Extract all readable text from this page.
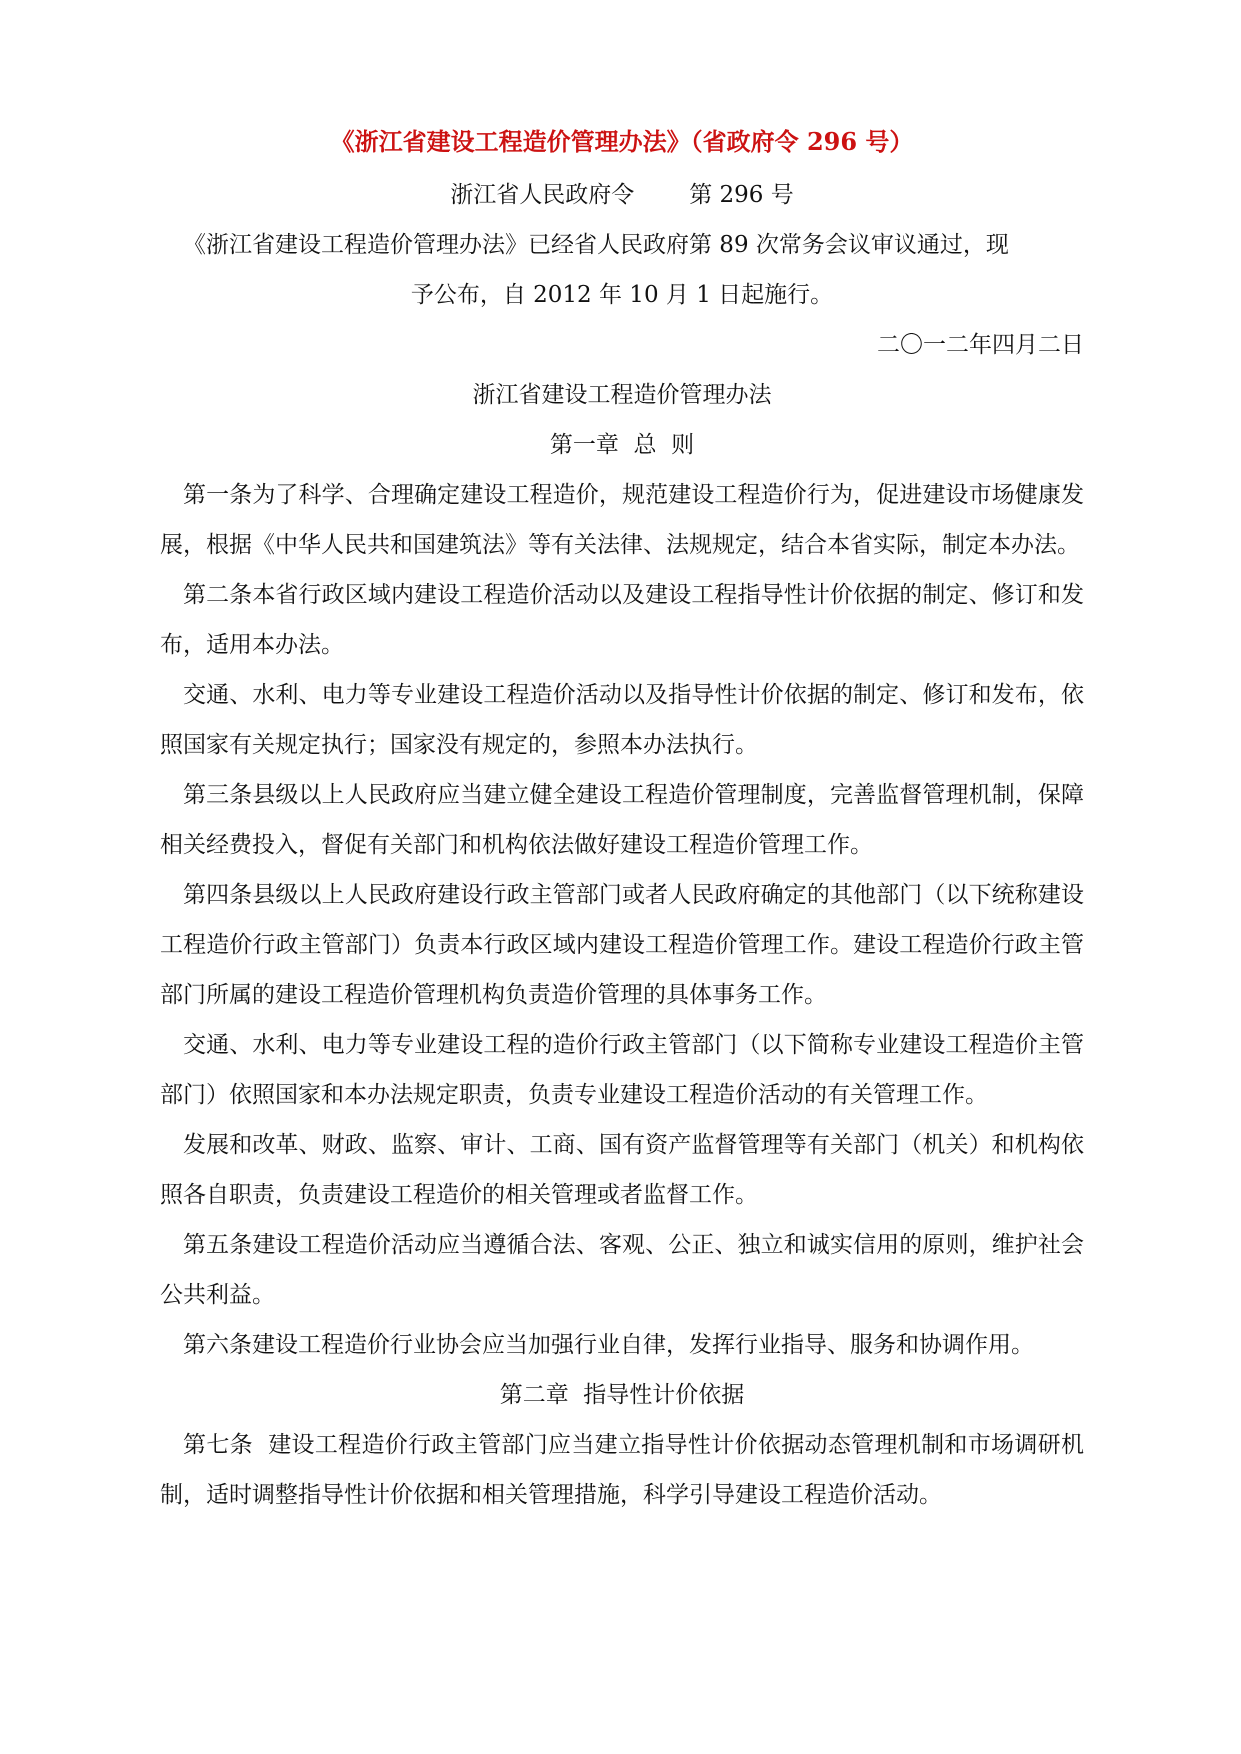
《浙江省建设工程造价管理办法》（省政府令 296 号）
浙江省人民政府令 第 296 号
《浙江省建设工程造价管理办法》已经省人民政府第 89 次常务会议审议通过，现
予公布，自 2012 年 10 月 1 日起施行。
二〇一二年四月二日
浙江省建设工程造价管理办法
第一章  总  则

第一条为了科学、合理确定建设工程造价，规范建设工程造价行为，促进建设市场健康发展，根据《中华人民共和国建筑法》等有关法律、法规规定，结合本省实际，制定本办法。

第二条本省行政区域内建设工程造价活动以及建设工程指导性计价依据的制定、修订和发布，适用本办法。

交通、水利、电力等专业建设工程造价活动以及指导性计价依据的制定、修订和发布，依照国家有关规定执行；国家没有规定的，参照本办法执行。

第三条县级以上人民政府应当建立健全建设工程造价管理制度，完善监督管理机制，保障相关经费投入，督促有关部门和机构依法做好建设工程造价管理工作。

第四条县级以上人民政府建设行政主管部门或者人民政府确定的其他部门（以下统称建设工程造价行政主管部门）负责本行政区域内建设工程造价管理工作。建设工程造价行政主管部门所属的建设工程造价管理机构负责造价管理的具体事务工作。

交通、水利、电力等专业建设工程的造价行政主管部门（以下简称专业建设工程造价主管部门）依照国家和本办法规定职责，负责专业建设工程造价活动的有关管理工作。

发展和改革、财政、监察、审计、工商、国有资产监督管理等有关部门（机关）和机构依照各自职责，负责建设工程造价的相关管理或者监督工作。

第五条建设工程造价活动应当遵循合法、客观、公正、独立和诚实信用的原则，维护社会公共利益。

第六条建设工程造价行业协会应当加强行业自律，发挥行业指导、服务和协调作用。

第二章  指导性计价依据

第七条  建设工程造价行政主管部门应当建立指导性计价依据动态管理机制和市场调研机制，适时调整指导性计价依据和相关管理措施，科学引导建设工程造价活动。
